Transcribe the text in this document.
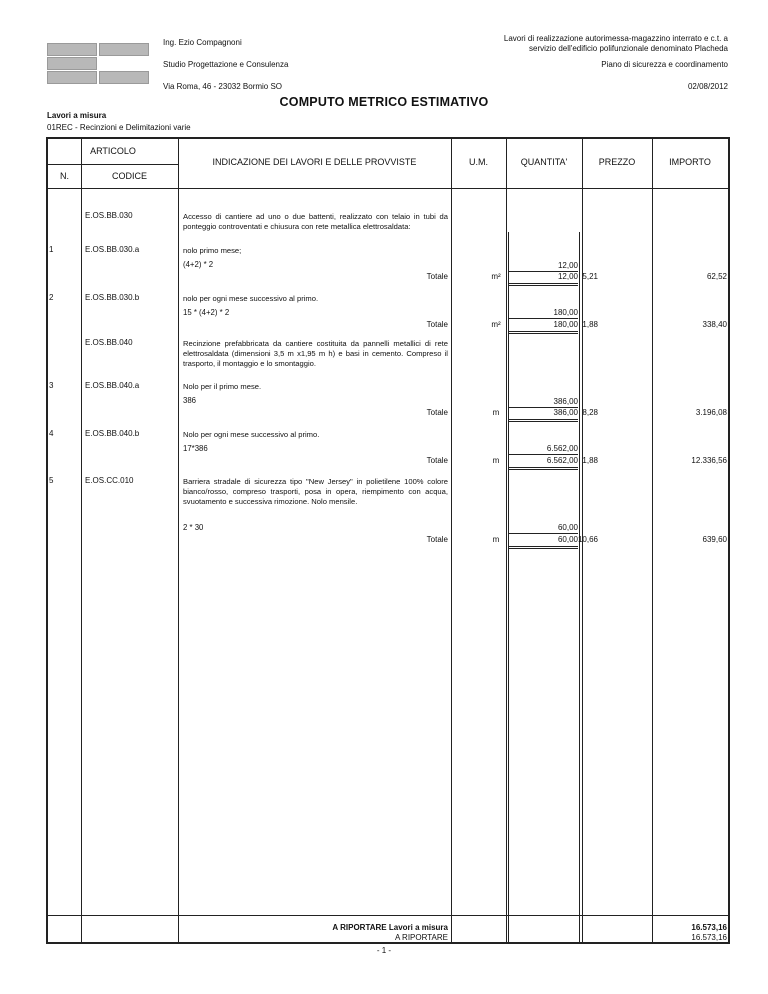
Ing. Ezio Compagnoni
Studio Progettazione e Consulenza
Via Roma, 46 - 23032 Bormio SO
Lavori di realizzazione autorimessa-magazzino interrato e c.t. a
servizio dell'edificio polifunzionale denominato Placheda
Piano di sicurezza e coordinamento
02/08/2012
COMPUTO METRICO ESTIMATIVO
Lavori a misura
01REC - Recinzioni e Delimitazioni varie
ARTICOLO
N.	CODICE
INDICAZIONE DEI LAVORI E DELLE PROVVISTE	U.M.	QUANTITA'	PREZZO	IMPORTO
E.OS.BB.030	Accesso di cantiere ad uno o due battenti, realizzato con telaio in tubi da ponteggio controventati e chiusura con rete metallica elettrosaldata:
1	E.OS.BB.030.a	nolo primo mese;
(4+2) * 2	12,00
Totale	m²	12,00 5,21	62,52
2	E.OS.BB.030.b	nolo per ogni mese successivo al primo.
15 * (4+2) * 2	180,00
Totale	m²	180,00 1,88	338,40
E.OS.BB.040	Recinzione prefabbricata da cantiere costituita da pannelli metallici di rete elettrosaldata (dimensioni 3,5 m x1,95 m h) e basi in cemento. Compreso il trasporto, il montaggio e lo smontaggio.
3	E.OS.BB.040.a	Nolo per il primo mese.
386	386,00
Totale	m	386,00 8,28	3.196,08
4	E.OS.BB.040.b	Nolo per ogni mese successivo al primo.
17*386	6.562,00
Totale	m	6.562,00 1,88	12.336,56
5	E.OS.CC.010	Barriera stradale di sicurezza tipo "New Jersey" in polietilene 100% colore bianco/rosso, compreso trasporti, posa in opera, riempimento con acqua, svuotamento e successiva rimozione. Nolo mensile.
2 * 30	60,00
Totale	m	60,00 10,66	639,60
A RIPORTARE Lavori a misura
A RIPORTARE
16.573,16
16.573,16
- 1 -
